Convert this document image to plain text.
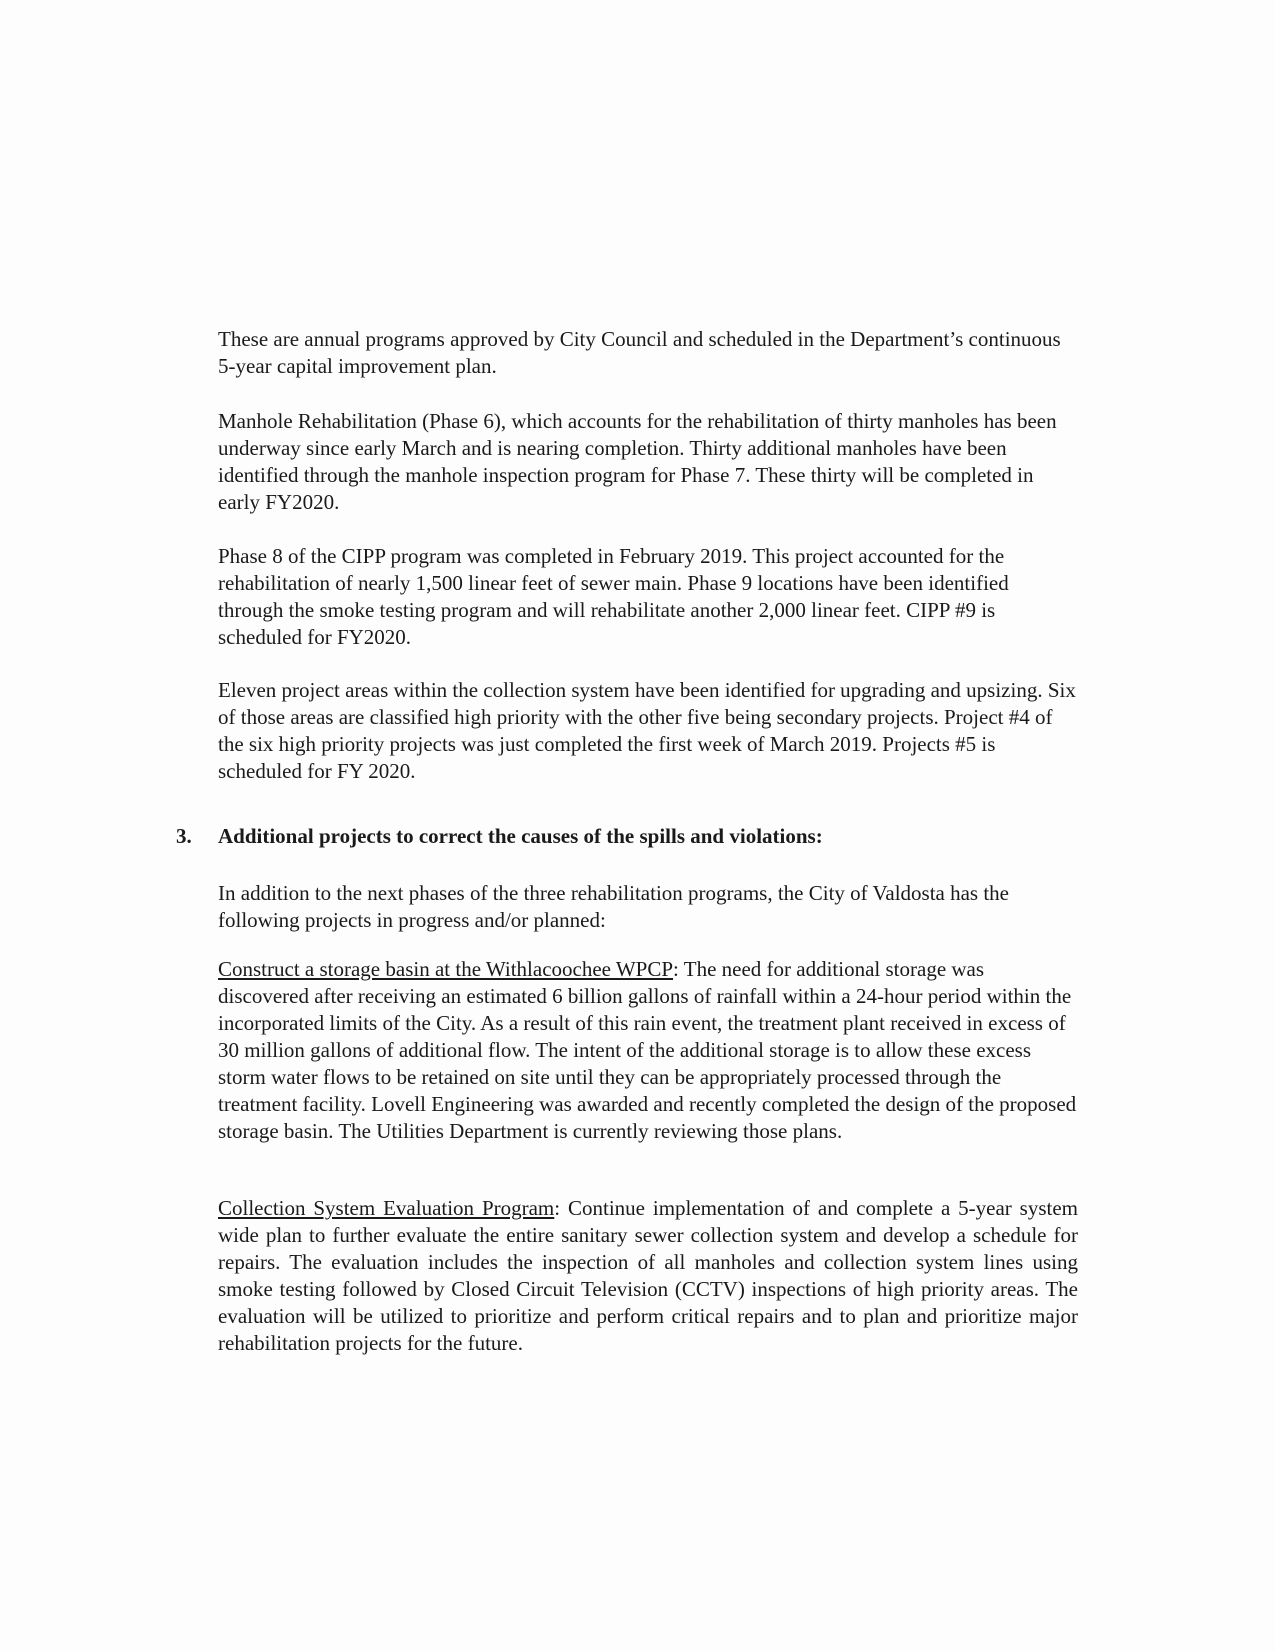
These are annual programs approved by City Council and scheduled in the Department’s continuous 5-year capital improvement plan.

Manhole Rehabilitation (Phase 6), which accounts for the rehabilitation of thirty manholes has been underway since early March and is nearing completion. Thirty additional manholes have been identified through the manhole inspection program for Phase 7. These thirty will be completed in early FY2020.

Phase 8 of the CIPP program was completed in February 2019. This project accounted for the rehabilitation of nearly 1,500 linear feet of sewer main. Phase 9 locations have been identified through the smoke testing program and will rehabilitate another 2,000 linear feet. CIPP #9 is scheduled for FY2020.

Eleven project areas within the collection system have been identified for upgrading and upsizing. Six of those areas are classified high priority with the other five being secondary projects. Project #4 of the six high priority projects was just completed the first week of March 2019. Projects #5 is scheduled for FY 2020.

3. Additional projects to correct the causes of the spills and violations:

In addition to the next phases of the three rehabilitation programs, the City of Valdosta has the following projects in progress and/or planned:

Construct a storage basin at the Withlacoochee WPCP: The need for additional storage was discovered after receiving an estimated 6 billion gallons of rainfall within a 24-hour period within the incorporated limits of the City. As a result of this rain event, the treatment plant received in excess of 30 million gallons of additional flow. The intent of the additional storage is to allow these excess storm water flows to be retained on site until they can be appropriately processed through the treatment facility. Lovell Engineering was awarded and recently completed the design of the proposed storage basin. The Utilities Department is currently reviewing those plans.

Collection System Evaluation Program: Continue implementation of and complete a 5-year system wide plan to further evaluate the entire sanitary sewer collection system and develop a schedule for repairs. The evaluation includes the inspection of all manholes and collection system lines using smoke testing followed by Closed Circuit Television (CCTV) inspections of high priority areas. The evaluation will be utilized to prioritize and perform critical repairs and to plan and prioritize major rehabilitation projects for the future.
